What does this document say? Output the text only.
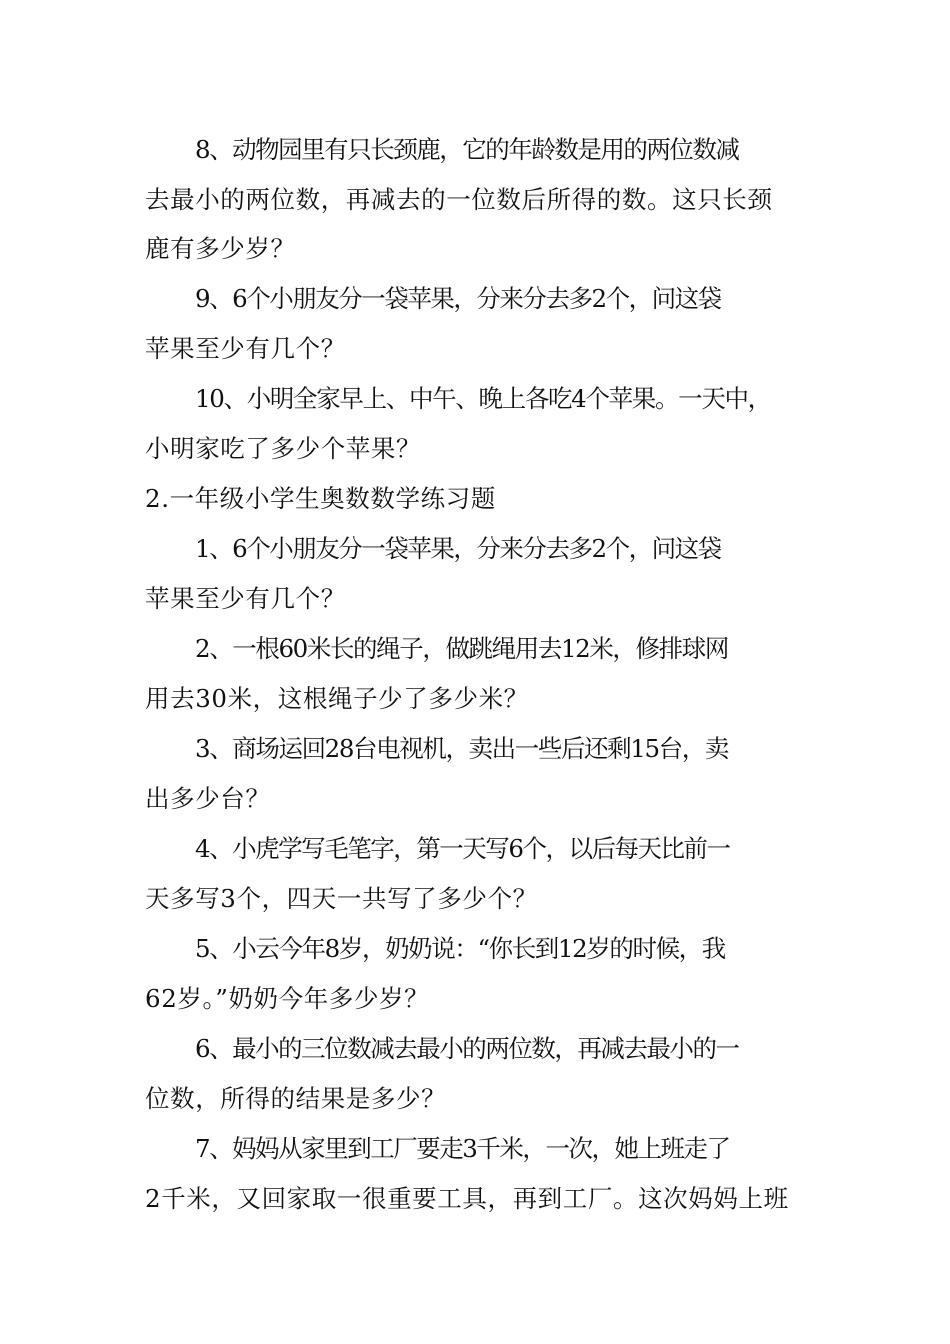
8、动物园里有只长颈鹿，它的年龄数是用的两位数减
去最小的两位数，再减去的一位数后所得的数。这只长颈
鹿有多少岁？
9、6个小朋友分一袋苹果，分来分去多2个，问这袋
苹果至少有几个？
10、小明全家早上、中午、晚上各吃4个苹果。一天中，
小明家吃了多少个苹果？
2.一年级小学生奥数数学练习题
1、6个小朋友分一袋苹果，分来分去多2个，问这袋
苹果至少有几个？
2、一根60米长的绳子，做跳绳用去12米，修排球网
用去30米，这根绳子少了多少米？
3、商场运回28台电视机，卖出一些后还剩15台，卖
出多少台？
4、小虎学写毛笔字，第一天写6个，以后每天比前一
天多写3个，四天一共写了多少个？
5、小云今年8岁，奶奶说：“你长到12岁的时候，我
62岁。”奶奶今年多少岁？
6、最小的三位数减去最小的两位数，再减去最小的一
位数，所得的结果是多少？
7、妈妈从家里到工厂要走3千米，一次，她上班走了
2千米，又回家取一很重要工具，再到工厂。这次妈妈上班
